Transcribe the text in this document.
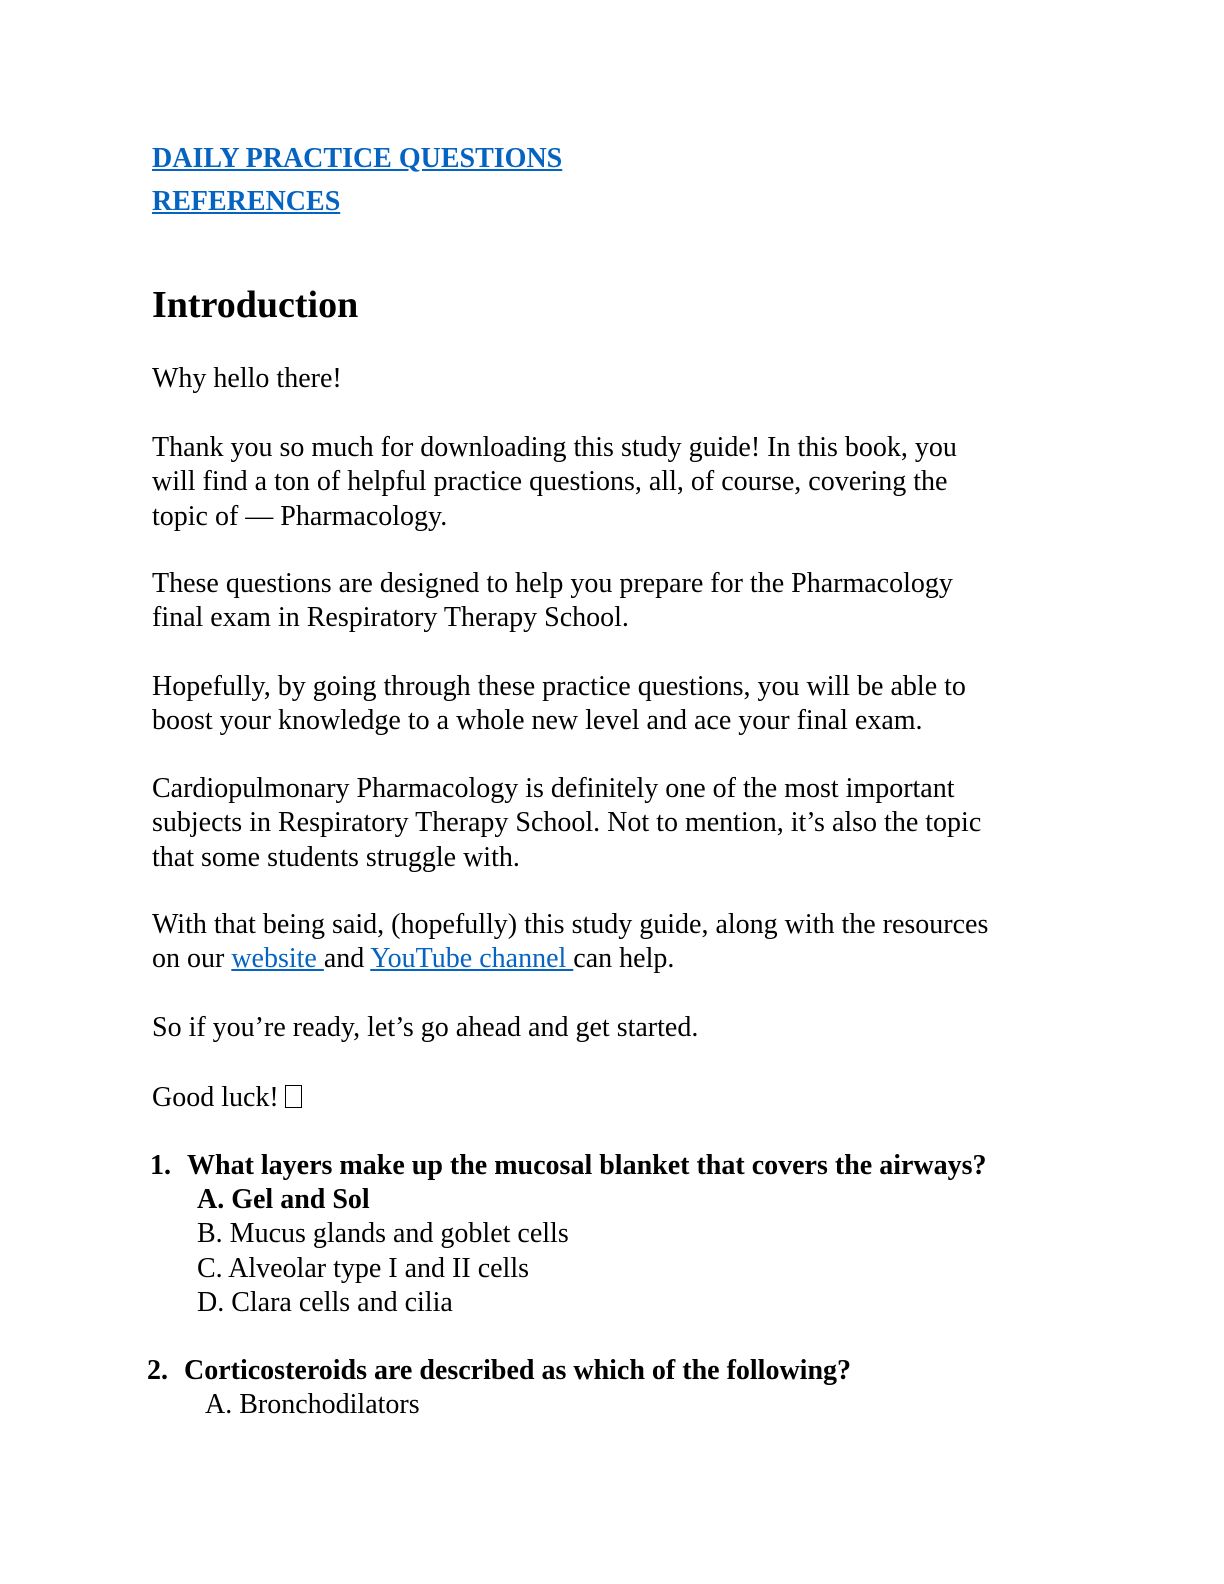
DAILY PRACTICE QUESTIONS
REFERENCES
Introduction

Why hello there!

Thank you so much for downloading this study guide! In this book, you
will find a ton of helpful practice questions, all, of course, covering the
topic of — Pharmacology.

These questions are designed to help you prepare for the Pharmacology
final exam in Respiratory Therapy School.

Hopefully, by going through these practice questions, you will be able to
boost your knowledge to a whole new level and ace your final exam.

Cardiopulmonary Pharmacology is definitely one of the most important
subjects in Respiratory Therapy School. Not to mention, it’s also the topic
that some students struggle with.

With that being said, (hopefully) this study guide, along with the resources
on our website and YouTube channel can help.

So if you’re ready, let’s go ahead and get started.

Good luck!

1. What layers make up the mucosal blanket that covers the airways?
A. Gel and Sol
B. Mucus glands and goblet cells
C. Alveolar type I and II cells
D. Clara cells and cilia
2. Corticosteroids are described as which of the following?
A. Bronchodilators
